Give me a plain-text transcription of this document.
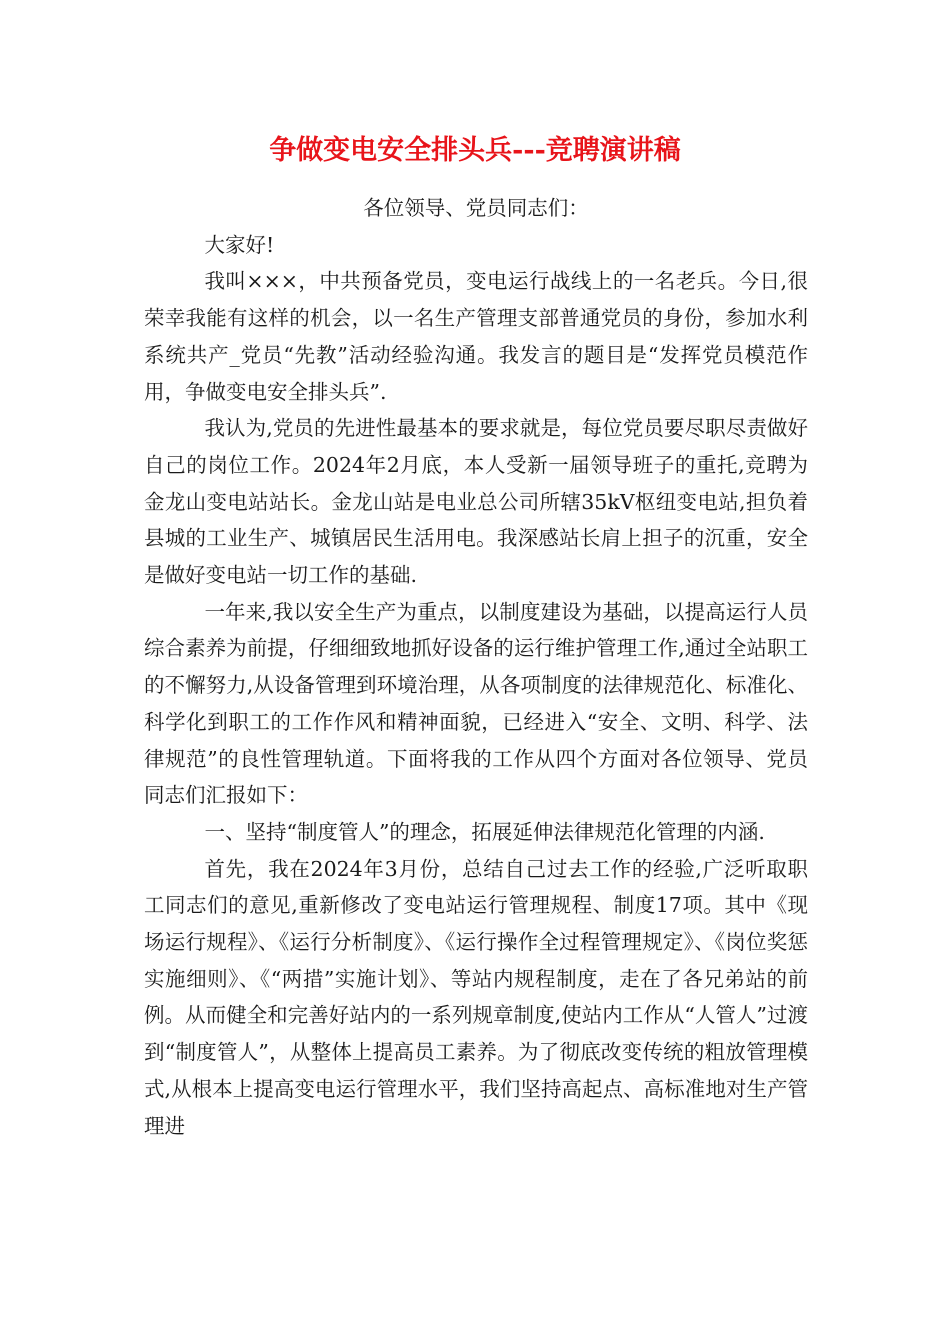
争做变电安全排头兵---竞聘演讲稿

各位领导、党员同志们：

大家好!

我叫×××，中共预备党员，变电运行战线上的一名老兵。今日,很荣幸我能有这样的机会，以一名生产管理支部普通党员的身份，参加水利系统共产_党员“先教”活动经验沟通。我发言的题目是“发挥党员模范作用，争做变电安全排头兵”.

我认为,党员的先进性最基本的要求就是，每位党员要尽职尽责做好自己的岗位工作。2024年2月底，本人受新一届领导班子的重托,竞聘为金龙山变电站站长。金龙山站是电业总公司所辖35kV枢纽变电站,担负着县城的工业生产、城镇居民生活用电。我深感站长肩上担子的沉重，安全是做好变电站一切工作的基础.

一年来,我以安全生产为重点，以制度建设为基础，以提高运行人员综合素养为前提，仔细细致地抓好设备的运行维护管理工作,通过全站职工的不懈努力,从设备管理到环境治理，从各项制度的法律规范化、标准化、科学化到职工的工作作风和精神面貌，已经进入“安全、文明、科学、法律规范”的良性管理轨道。下面将我的工作从四个方面对各位领导、党员同志们汇报如下：

一、坚持“制度管人”的理念，拓展延伸法律规范化管理的内涵.

首先，我在2024年3月份，总结自己过去工作的经验,广泛听取职工同志们的意见,重新修改了变电站运行管理规程、制度17项。其中《现场运行规程》、《运行分析制度》、《运行操作全过程管理规定》、《岗位奖惩实施细则》、《“两措”实施计划》、等站内规程制度，走在了各兄弟站的前例。从而健全和完善好站内的一系列规章制度,使站内工作从“人管人”过渡到“制度管人”，从整体上提高员工素养。为了彻底改变传统的粗放管理模式,从根本上提高变电运行管理水平，我们坚持高起点、高标准地对生产管理进
